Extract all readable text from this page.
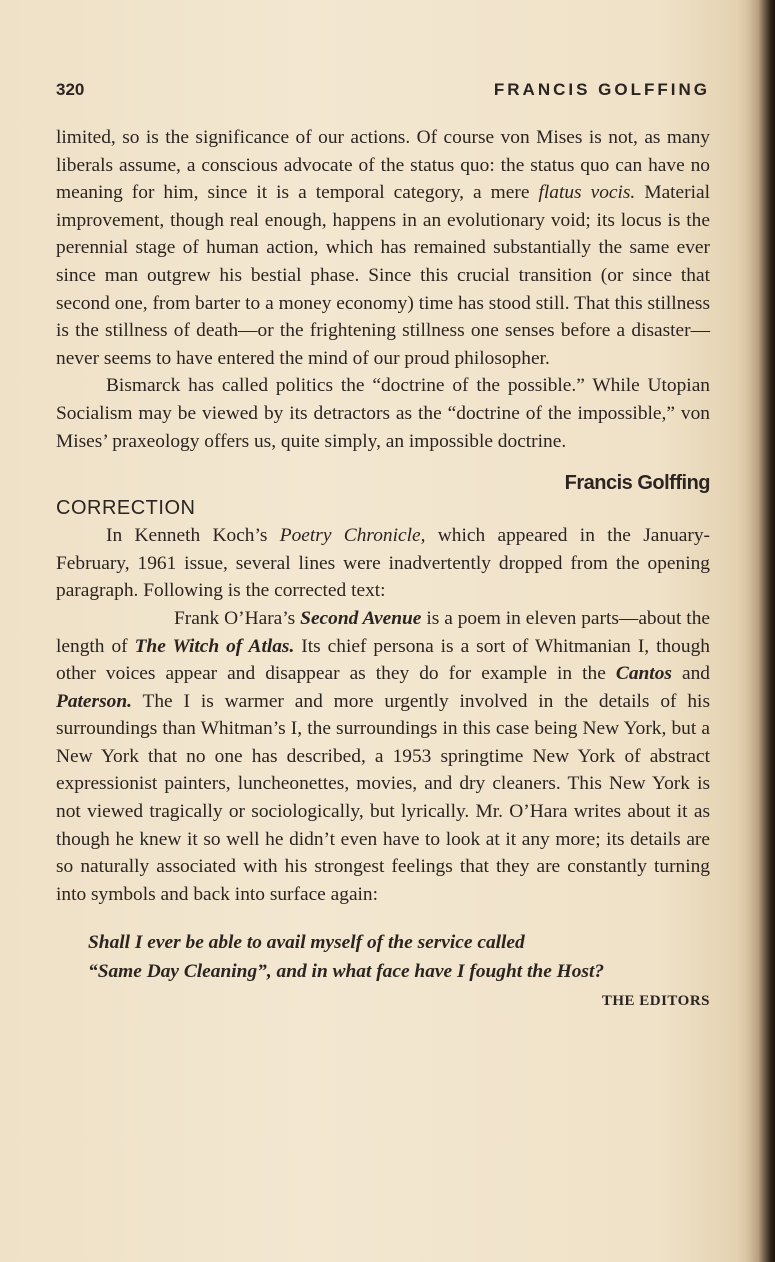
320	FRANCIS GOLFFING

limited, so is the significance of our actions. Of course von Mises is not, as many liberals assume, a conscious advocate of the status quo: the status quo can have no meaning for him, since it is a temporal category, a mere flatus vocis. Material improvement, though real enough, happens in an evolutionary void; its locus is the perennial stage of human action, which has remained substantially the same ever since man outgrew his bestial phase. Since this crucial transition (or since that second one, from barter to a money economy) time has stood still. That this stillness is the stillness of death—or the frightening stillness one senses before a disaster—never seems to have entered the mind of our proud philosopher.

Bismarck has called politics the “doctrine of the possible.” While Utopian Socialism may be viewed by its detractors as the “doctrine of the impossible,” von Mises’ praxeology offers us, quite simply, an impossible doctrine.

Francis Golffing

CORRECTION

In Kenneth Koch’s Poetry Chronicle, which appeared in the January-February, 1961 issue, several lines were inadvertently dropped from the opening paragraph. Following is the corrected text:

Frank O’Hara’s Second Avenue is a poem in eleven parts—about the length of The Witch of Atlas. Its chief persona is a sort of Whitmanian I, though other voices appear and disappear as they do for example in the Cantos and Paterson. The I is warmer and more urgently involved in the details of his surroundings than Whitman’s I, the surroundings in this case being New York, but a New York that no one has described, a 1953 springtime New York of abstract expressionist painters, luncheonettes, movies, and dry cleaners. This New York is not viewed tragically or sociologically, but lyrically. Mr. O’Hara writes about it as though he knew it so well he didn’t even have to look at it any more; its details are so naturally associated with his strongest feelings that they are constantly turning into symbols and back into surface again:

Shall I ever be able to avail myself of the service called
“Same Day Cleaning”, and in what face have I fought the Host?

THE EDITORS
